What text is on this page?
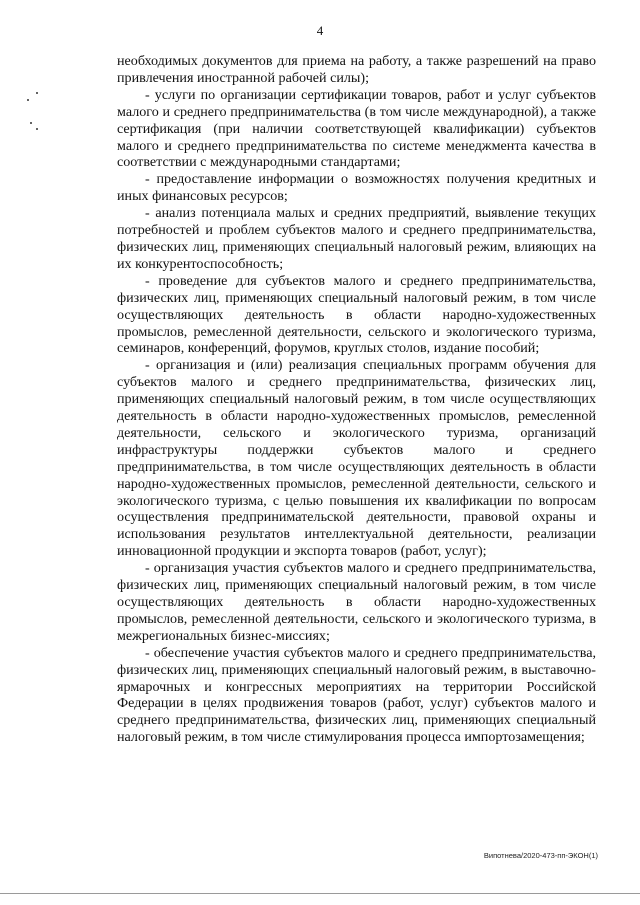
4

необходимых документов для приема на работу, а также разрешений на право привлечения иностранной рабочей силы);

- услуги по организации сертификации товаров, работ и услуг субъектов малого и среднего предпринимательства (в том числе международной), а также сертификация (при наличии соответствующей квалификации) субъектов малого и среднего предпринимательства по системе менеджмента качества в соответствии с международными стандартами;

- предоставление информации о возможностях получения кредитных и иных финансовых ресурсов;

- анализ потенциала малых и средних предприятий, выявление текущих потребностей и проблем субъектов малого и среднего предпринимательства, физических лиц, применяющих специальный налоговый режим, влияющих на их конкурентоспособность;

- проведение для субъектов малого и среднего предпринимательства, физических лиц, применяющих специальный налоговый режим, в том числе осуществляющих деятельность в области народно-художественных промыслов, ремесленной деятельности, сельского и экологического туризма, семинаров, конференций, форумов, круглых столов, издание пособий;

- организация и (или) реализация специальных программ обучения для субъектов малого и среднего предпринимательства, физических лиц, применяющих специальный налоговый режим, в том числе осуществляющих деятельность в области народно-художественных промыслов, ремесленной деятельности, сельского и экологического туризма, организаций инфраструктуры поддержки субъектов малого и среднего предпринимательства, в том числе осуществляющих деятельность в области народно-художественных промыслов, ремесленной деятельности, сельского и экологического туризма, с целью повышения их квалификации по вопросам осуществления предпринимательской деятельности, правовой охраны и использования результатов интеллектуальной деятельности, реализации инновационной продукции и экспорта товаров (работ, услуг);

- организация участия субъектов малого и среднего предпринимательства, физических лиц, применяющих специальный налоговый режим, в том числе осуществляющих деятельность в области народно-художественных промыслов, ремесленной деятельности, сельского и экологического туризма, в межрегиональных бизнес-миссиях;

- обеспечение участия субъектов малого и среднего предпринимательства, физических лиц, применяющих специальный налоговый режим, в выставочно-ярмарочных и конгрессных мероприятиях на территории Российской Федерации в целях продвижения товаров (работ, услуг) субъектов малого и среднего предпринимательства, физических лиц, применяющих специальный налоговый режим, в том числе стимулирования процесса импортозамещения;

Випотнева/2020-473-пп-ЭКОН(1)
